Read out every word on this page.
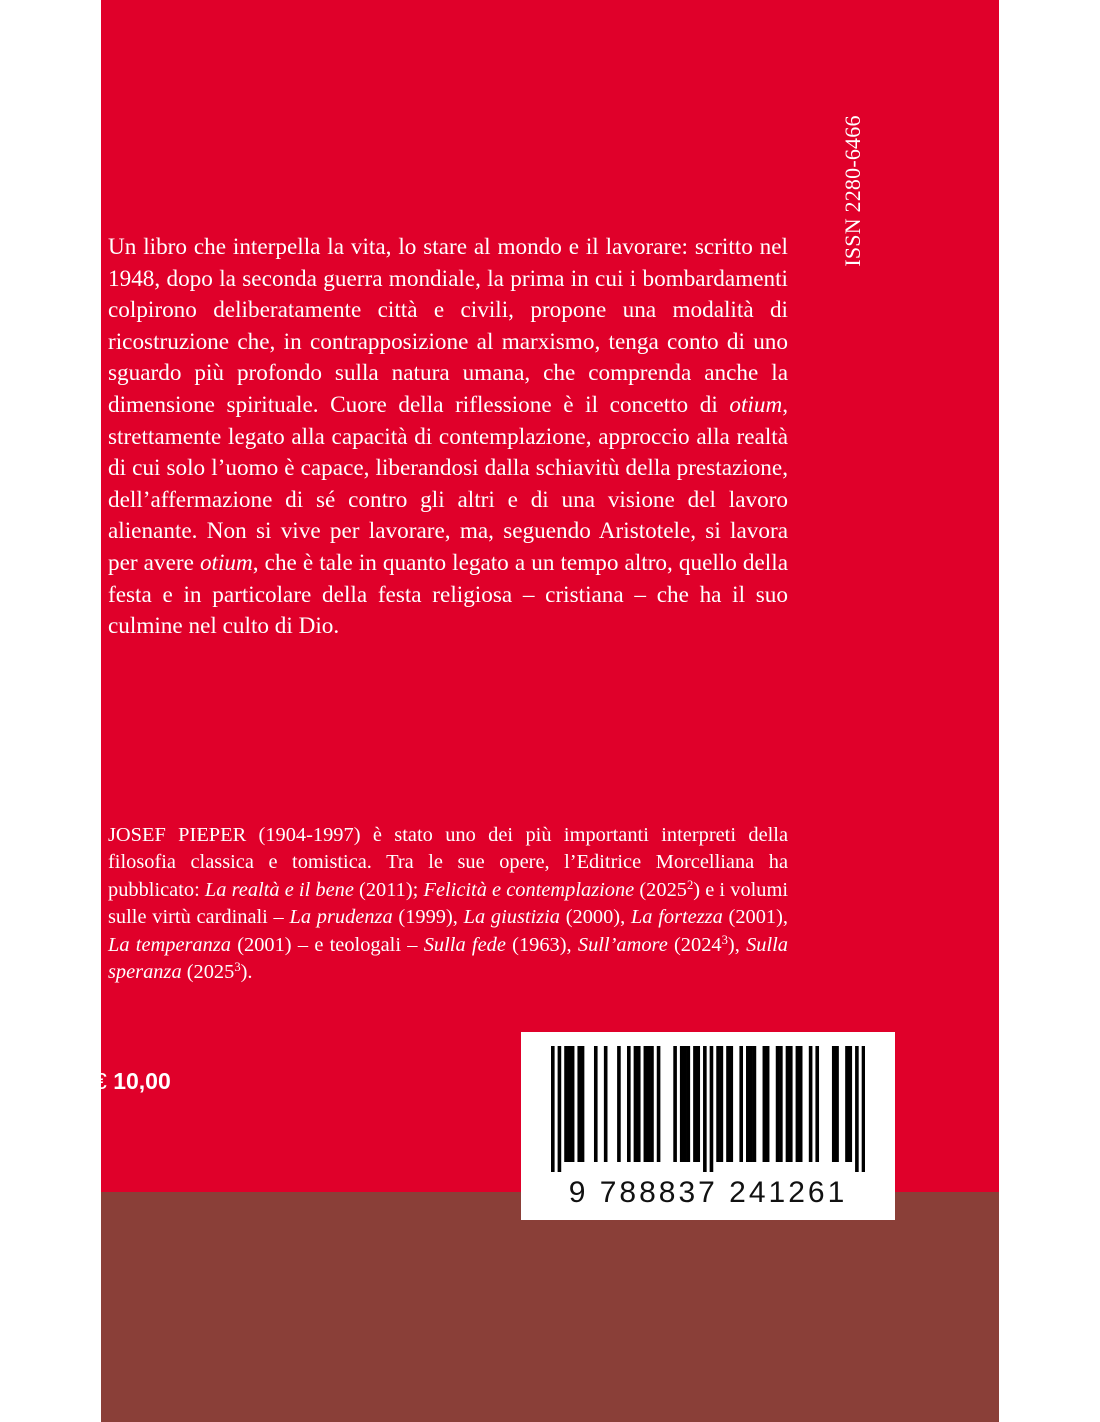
ISSN 2280-6466

Un libro che interpella la vita, lo stare al mondo e il lavorare: scritto nel 1948, dopo la seconda guerra mondiale, la prima in cui i bombardamenti colpirono deliberatamente città e civili, propone una modalità di ricostruzione che, in contrapposizione al marxismo, tenga conto di uno sguardo più profondo sulla natura umana, che comprenda anche la dimensione spirituale. Cuore della riflessione è il concetto di otium, strettamente legato alla capacità di contemplazione, approccio alla realtà di cui solo l’uomo è capace, liberandosi dalla schiavitù della prestazione, dell’affermazione di sé contro gli altri e di una visione del lavoro alienante. Non si vive per lavorare, ma, seguendo Aristotele, si lavora per avere otium, che è tale in quanto legato a un tempo altro, quello della festa e in particolare della festa religiosa – cristiana – che ha il suo culmine nel culto di Dio.

JOSEF PIEPER (1904-1997) è stato uno dei più importanti interpreti della filosofia classica e tomistica. Tra le sue opere, l’Editrice Morcelliana ha pubblicato: La realtà e il bene (2011); Felicità e contemplazione (2025$^2$) e i volumi sulle virtù cardinali – La prudenza (1999), La giustizia (2000), La fortezza (2001), La temperanza (2001) – e teologali – Sulla fede (1963), Sull’amore (2024$^3$), Sulla speranza (2025$^3$).

€ 10,00
9 788837 241261
